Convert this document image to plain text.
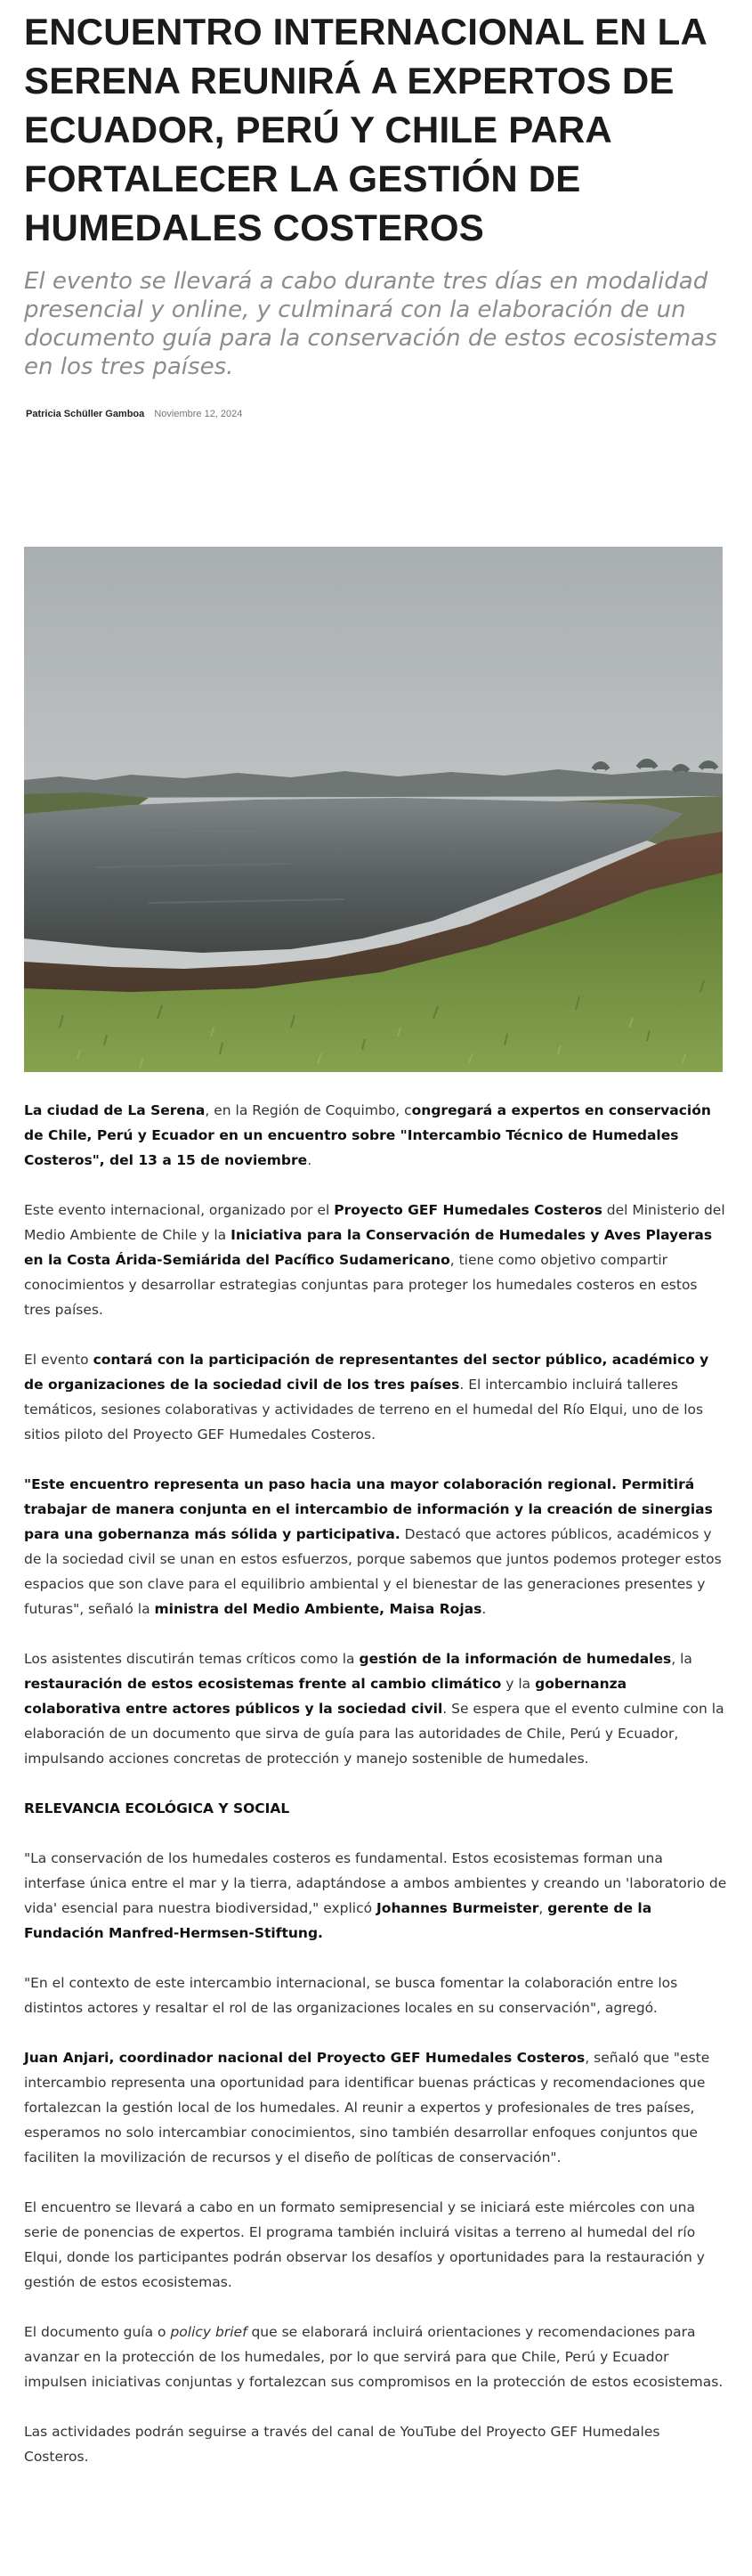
ENCUENTRO INTERNACIONAL EN LA SERENA REUNIRÁ A EXPERTOS DE ECUADOR, PERÚ Y CHILE PARA FORTALECER LA GESTIÓN DE HUMEDALES COSTEROS

El evento se llevará a cabo durante tres días en modalidad presencial y online, y culminará con la elaboración de un documento guía para la conservación de estos ecosistemas en los tres países.

Patricia Schüller Gamboa Noviembre 12, 2024

La ciudad de La Serena, en la Región de Coquimbo, congregará a expertos en conservación de Chile, Perú y Ecuador en un encuentro sobre "Intercambio Técnico de Humedales Costeros", del 13 a 15 de noviembre.

Este evento internacional, organizado por el Proyecto GEF Humedales Costeros del Ministerio del Medio Ambiente de Chile y la Iniciativa para la Conservación de Humedales y Aves Playeras en la Costa Árida-Semiárida del Pacífico Sudamericano, tiene como objetivo compartir conocimientos y desarrollar estrategias conjuntas para proteger los humedales costeros en estos tres países.

El evento contará con la participación de representantes del sector público, académico y de organizaciones de la sociedad civil de los tres países. El intercambio incluirá talleres temáticos, sesiones colaborativas y actividades de terreno en el humedal del Río Elqui, uno de los sitios piloto del Proyecto GEF Humedales Costeros.

"Este encuentro representa un paso hacia una mayor colaboración regional. Permitirá trabajar de manera conjunta en el intercambio de información y la creación de sinergias para una gobernanza más sólida y participativa. Destacó que actores públicos, académicos y de la sociedad civil se unan en estos esfuerzos, porque sabemos que juntos podemos proteger estos espacios que son clave para el equilibrio ambiental y el bienestar de las generaciones presentes y futuras", señaló la ministra del Medio Ambiente, Maisa Rojas.

Los asistentes discutirán temas críticos como la gestión de la información de humedales, la restauración de estos ecosistemas frente al cambio climático y la gobernanza colaborativa entre actores públicos y la sociedad civil. Se espera que el evento culmine con la elaboración de un documento que sirva de guía para las autoridades de Chile, Perú y Ecuador, impulsando acciones concretas de protección y manejo sostenible de humedales.

RELEVANCIA ECOLÓGICA Y SOCIAL

"La conservación de los humedales costeros es fundamental. Estos ecosistemas forman una interfase única entre el mar y la tierra, adaptándose a ambos ambientes y creando un 'laboratorio de vida' esencial para nuestra biodiversidad," explicó Johannes Burmeister, gerente de la Fundación Manfred-Hermsen-Stiftung.

"En el contexto de este intercambio internacional, se busca fomentar la colaboración entre los distintos actores y resaltar el rol de las organizaciones locales en su conservación", agregó.

Juan Anjari, coordinador nacional del Proyecto GEF Humedales Costeros, señaló que "este intercambio representa una oportunidad para identificar buenas prácticas y recomendaciones que fortalezcan la gestión local de los humedales. Al reunir a expertos y profesionales de tres países, esperamos no solo intercambiar conocimientos, sino también desarrollar enfoques conjuntos que faciliten la movilización de recursos y el diseño de políticas de conservación".

El encuentro se llevará a cabo en un formato semipresencial y se iniciará este miércoles con una serie de ponencias de expertos. El programa también incluirá visitas a terreno al humedal del río Elqui, donde los participantes podrán observar los desafíos y oportunidades para la restauración y gestión de estos ecosistemas.

El documento guía o policy brief que se elaborará incluirá orientaciones y recomendaciones para avanzar en la protección de los humedales, por lo que servirá para que Chile, Perú y Ecuador impulsen iniciativas conjuntas y fortalezcan sus compromisos en la protección de estos ecosistemas.

Las actividades podrán seguirse a través del canal de YouTube del Proyecto GEF Humedales Costeros.
